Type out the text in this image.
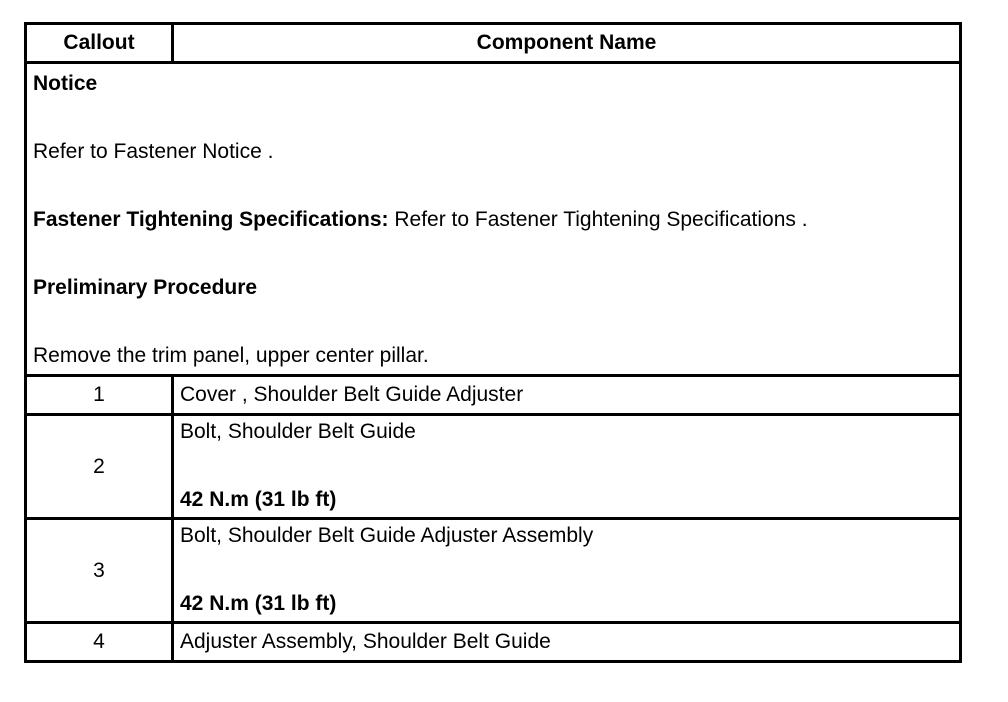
Callout	Component Name

Notice

Refer to Fastener Notice .

Fastener Tightening Specifications: Refer to Fastener Tightening Specifications .

Preliminary Procedure

Remove the trim panel, upper center pillar.	

1	Cover , Shoulder Belt Guide Adjuster
2	Bolt, Shoulder Belt Guide
42 N.m (31 lb ft)

3	Bolt, Shoulder Belt Guide Adjuster Assembly
42 N.m (31 lb ft)

4	Adjuster Assembly, Shoulder Belt Guide
